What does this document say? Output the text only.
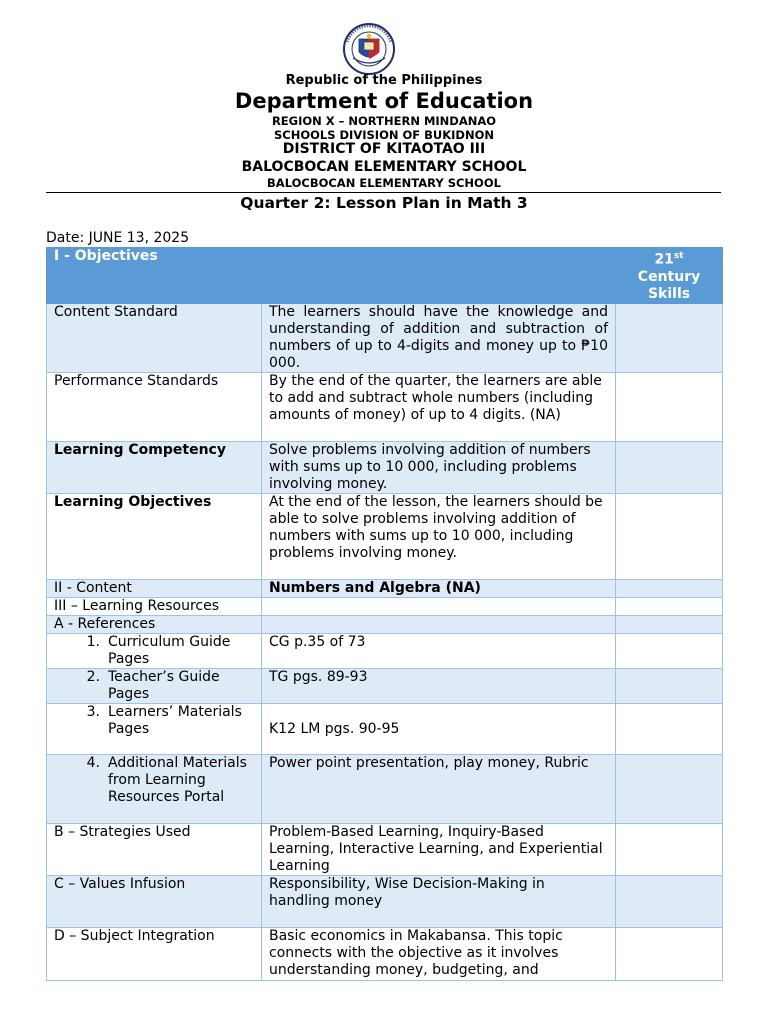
Republic of the Philippines
Department of Education
REGION X – NORTHERN MINDANAO
SCHOOLS DIVISION OF BUKIDNON
DISTRICT OF KITAOTAO III
BALOCBOCAN ELEMENTARY SCHOOL
BALOCBOCAN ELEMENTARY SCHOOL
Quarter 2: Lesson Plan in Math 3
Date: JUNE 13, 2025
I - Objectives		21st Century Skills
Content Standard	The learners should have the knowledge and understanding of addition and subtraction of numbers of up to 4-digits and money up to ₱10 000.	
Performance Standards	By the end of the quarter, the learners are able to add and subtract whole numbers (including amounts of money) of up to 4 digits. (NA)	
Learning Competency	Solve problems involving addition of numbers with sums up to 10 000, including problems involving money.	
Learning Objectives	At the end of the lesson, the learners should be able to solve problems involving addition of numbers with sums up to 10 000, including problems involving money.	
II - Content	Numbers and Algebra (NA)	
III – Learning Resources		
A - References		

1. Curriculum Guide Pages	CG p.35 of 73	

2. Teacher’s Guide Pages	TG pgs. 89-93	

3. Learners’ Materials Pages	K12 LM pgs. 90-95	

4. Additional Materials from Learning Resources Portal	Power point presentation, play money, Rubric	
B – Strategies Used	Problem-Based Learning, Inquiry-Based Learning, Interactive Learning, and Experiential Learning	
C – Values Infusion	Responsibility, Wise Decision-Making in handling money	
D – Subject Integration	Basic economics in Makabansa. This topic connects with the objective as it involves understanding money, budgeting, and	
